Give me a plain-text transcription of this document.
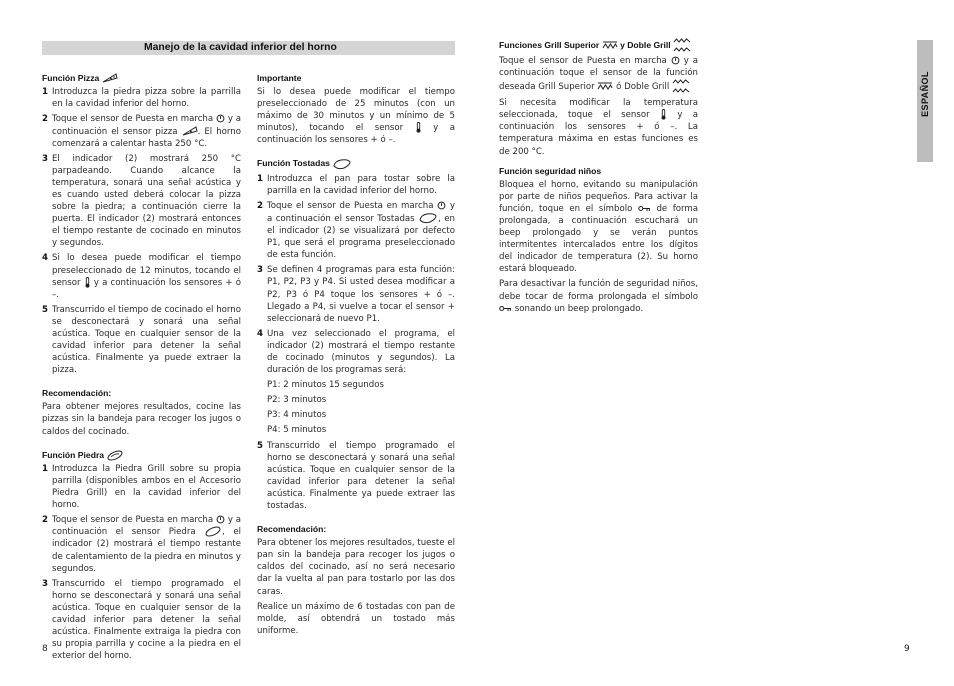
Manejo de la cavidad inferior del horno
ESPAÑOL
Función Pizza
1 Introduzca la piedra pizza sobre la parrilla en la cavidad inferior del horno.
2 Toque el sensor de Puesta en marcha y a continuación el sensor pizza . El horno comenzará a calentar hasta 250 °C.
3 El indicador (2) mostrará 250 °C parpadeando. Cuando alcance la temperatura, sonará una señal acústica y es cuando usted deberá colocar la pizza sobre la piedra; a continuación cierre la puerta. El indicador (2) mostrará entonces el tiempo restante de cocinado en minutos y segundos.
4 Si lo desea puede modificar el tiempo preseleccionado de 12 minutos, tocando el sensor y a continuación los sensores + ó –.
5 Transcurrido el tiempo de cocinado el horno se desconectará y sonará una señal acústica. Toque en cualquier sensor de la cavidad inferior para detener la señal acústica. Finalmente ya puede extraer la pizza.
Recomendación:

Para obtener mejores resultados, cocine las pizzas sin la bandeja para recoger los jugos o caldos del cocinado.

Función Piedra
1 Introduzca la Piedra Grill sobre su propia parrilla (disponibles ambos en el Accesorio Piedra Grill) en la cavidad inferior del horno.
2 Toque el sensor de Puesta en marcha y a continuación el sensor Piedra	, el indicador (2) mostrará el tiempo restante de calentamiento de la piedra en minutos y segundos.
3 Transcurrido el tiempo programado el horno se desconectará y sonará una señal acústica. Toque en cualquier sensor de la cavidad inferior para detener la señal acústica. Finalmente extraiga la piedra con su propia parrilla y cocine a la piedra en el exterior del horno.
Importante

Si lo desea puede modificar el tiempo preseleccionado de 25 minutos (con un máximo de 30 minutos y un mínimo de 5 minutos), tocando el sensor	y a continuación los sensores + ó –.

Función Tostadas
1 Introduzca el pan para tostar sobre la parrilla en la cavidad inferior del horno.
2 Toque el sensor de Puesta en marcha y a continuación el sensor Tostadas	, en el indicador (2) se visualizará por defecto P1, que será el programa preseleccionado de esta función.
3 Se definen 4 programas para esta función: P1, P2, P3 y P4. Si usted desea modificar a P2, P3 ó P4 toque los sensores + ó –. Llegado a P4, si vuelve a tocar el sensor + seleccionará de nuevo P1.
4 Una vez seleccionado el programa, el indicador (2) mostrará el tiempo restante de cocinado (minutos y segundos). La duración de los programas será:

P1: 2 minutos 15 segundos

P2: 3 minutos

P3: 4 minutos

P4: 5 minutos

5 Transcurrido el tiempo programado el horno se desconectará y sonará una señal acústica. Toque en cualquier sensor de la cavidad inferior para detener la señal acústica. Finalmente ya puede extraer las tostadas.
Recomendación:

Para obtener los mejores resultados, tueste el pan sin la bandeja para recoger los jugos o caldos del cocinado, así no será necesario dar la vuelta al pan para tostarlo por las dos caras.

Realice un máximo de 6 tostadas con pan de molde, así obtendrá un tostado más uniforme.

Funciones Grill Superior y Doble Grill

Toque el sensor de Puesta en marcha y a continuación toque el sensor de la función deseada Grill Superior ó Doble Grill

Si necesita modificar la temperatura seleccionada, toque el sensor	y a continuación los sensores + ó –. La temperatura máxima en estas funciones es de 200 °C.

Función seguridad niños

Bloquea el horno, evitando su manipulación por parte de niños pequeños. Para activar la función, toque en el símbolo	de forma prolongada, a continuación escuchará un beep prolongado y se verán puntos intermitentes intercalados entre los dígitos del indicador de temperatura (2). Su horno estará bloqueado.

Para desactivar la función de seguridad niños, debe tocar de forma prolongada el símbolo  sonando un beep prolongado.

8	9
